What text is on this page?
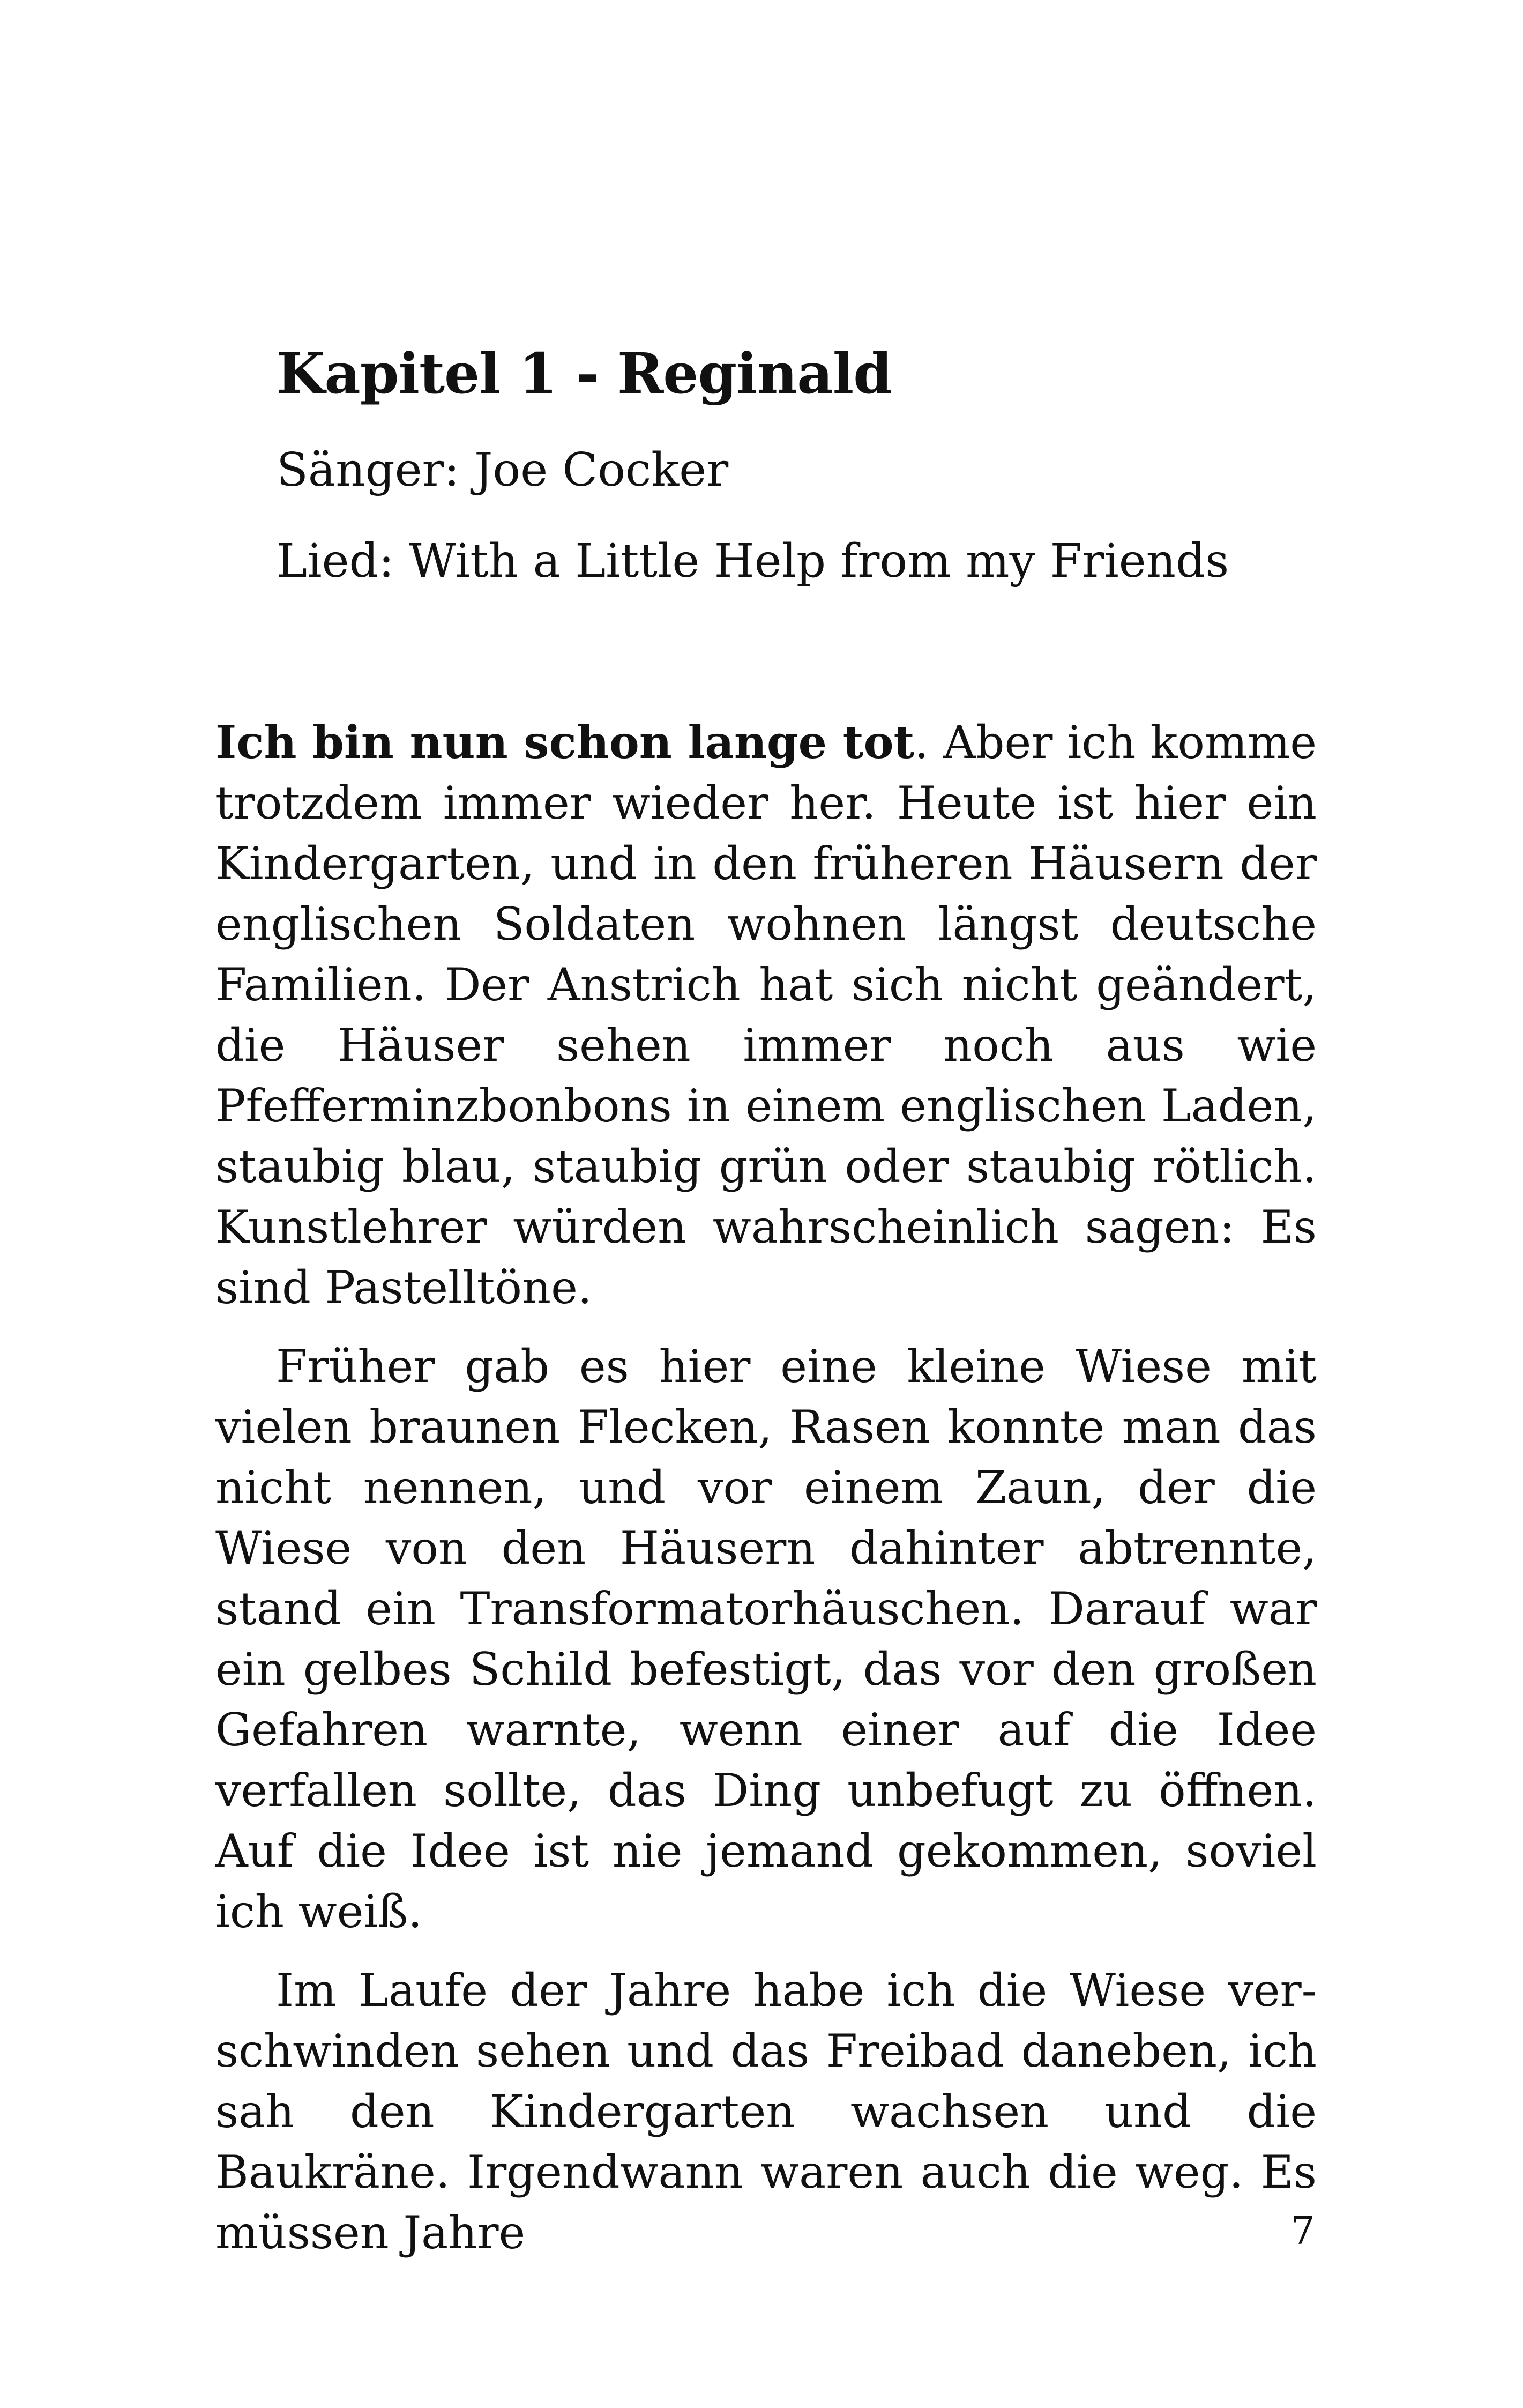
Kapitel 1 - Reginald

Sänger: Joe Cocker

Lied: With a Little Help from my Friends

Ich bin nun schon lange tot. Aber ich komme trotzdem immer wieder her. Heute ist hier ein Kindergarten, und in den früheren Häusern der englischen Soldaten wohnen längst deutsche Familien. Der Anstrich hat sich nicht geändert, die Häuser sehen immer noch aus wie Pfefferminzbonbons in einem englischen Laden, staubig blau, staubig grün oder staubig rötlich. Kunstlehrer würden wahrscheinlich sagen: Es sind Pastelltöne.

Früher gab es hier eine kleine Wiese mit vielen braunen Flecken, Rasen konnte man das nicht nennen, und vor einem Zaun, der die Wiese von den Häusern dahinter abtrennte, stand ein Transformatorhäuschen. Darauf war ein gelbes Schild befestigt, das vor den großen Gefahren warnte, wenn einer auf die Idee verfallen sollte, das Ding unbefugt zu öffnen. Auf die Idee ist nie jemand gekommen, soviel ich weiß.

Im Laufe der Jahre habe ich die Wiese verschwinden sehen und das Freibad daneben, ich sah den Kindergarten wachsen und die Baukräne. Irgendwann waren auch die weg. Es müssen Jahre	7
